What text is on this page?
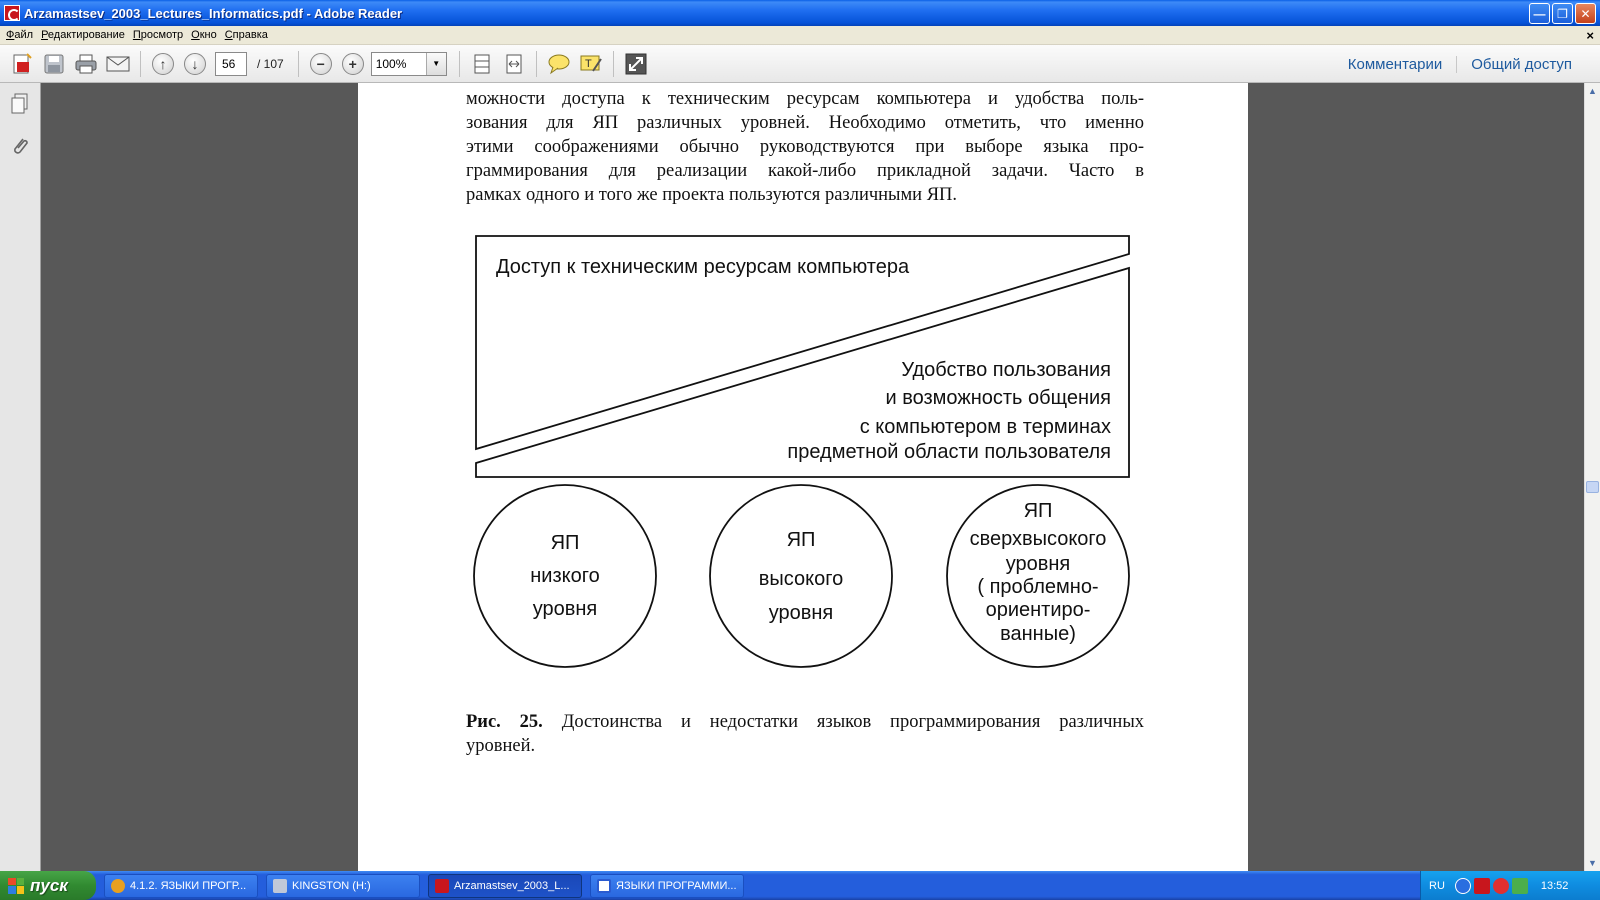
Arzamastsev_2003_Lectures_Informatics.pdf - Adobe Reader	— ❐	✕
Файл Редактирование Просмотр Окно Справка	×
↑	↓	56	/ 107	−	+	100%	▼	T	Комментарии	Общий доступ
можности доступа к техническим ресурсам компьютера и удобства поль-
зования для ЯП различных уровней. Необходимо отметить, что именно
этими соображениями обычно руководствуются при выборе языка про-
граммирования для реализации какой-либо прикладной задачи. Часто в
рамках одного и того же проекта пользуются различными ЯП.
Доступ к техническим ресурсам компьютера
Удобство пользования
и возможность общения
с компьютером в терминах
предметной области пользователя
ЯП
низкого
уровня
ЯП
высокого
уровня
ЯП
сверхвысокого
уровня
( проблемно-
ориентиро-
ванные)
Рис. 25. Достоинства и недостатки языков программирования различных
уровней.
▲
▼
пуск	4.1.2. ЯЗЫКИ ПРОГР...	KINGSTON (H:)	Arzamastsev_2003_L...	ЯЗЫКИ ПРОГРАММИ...	RU	13:52
